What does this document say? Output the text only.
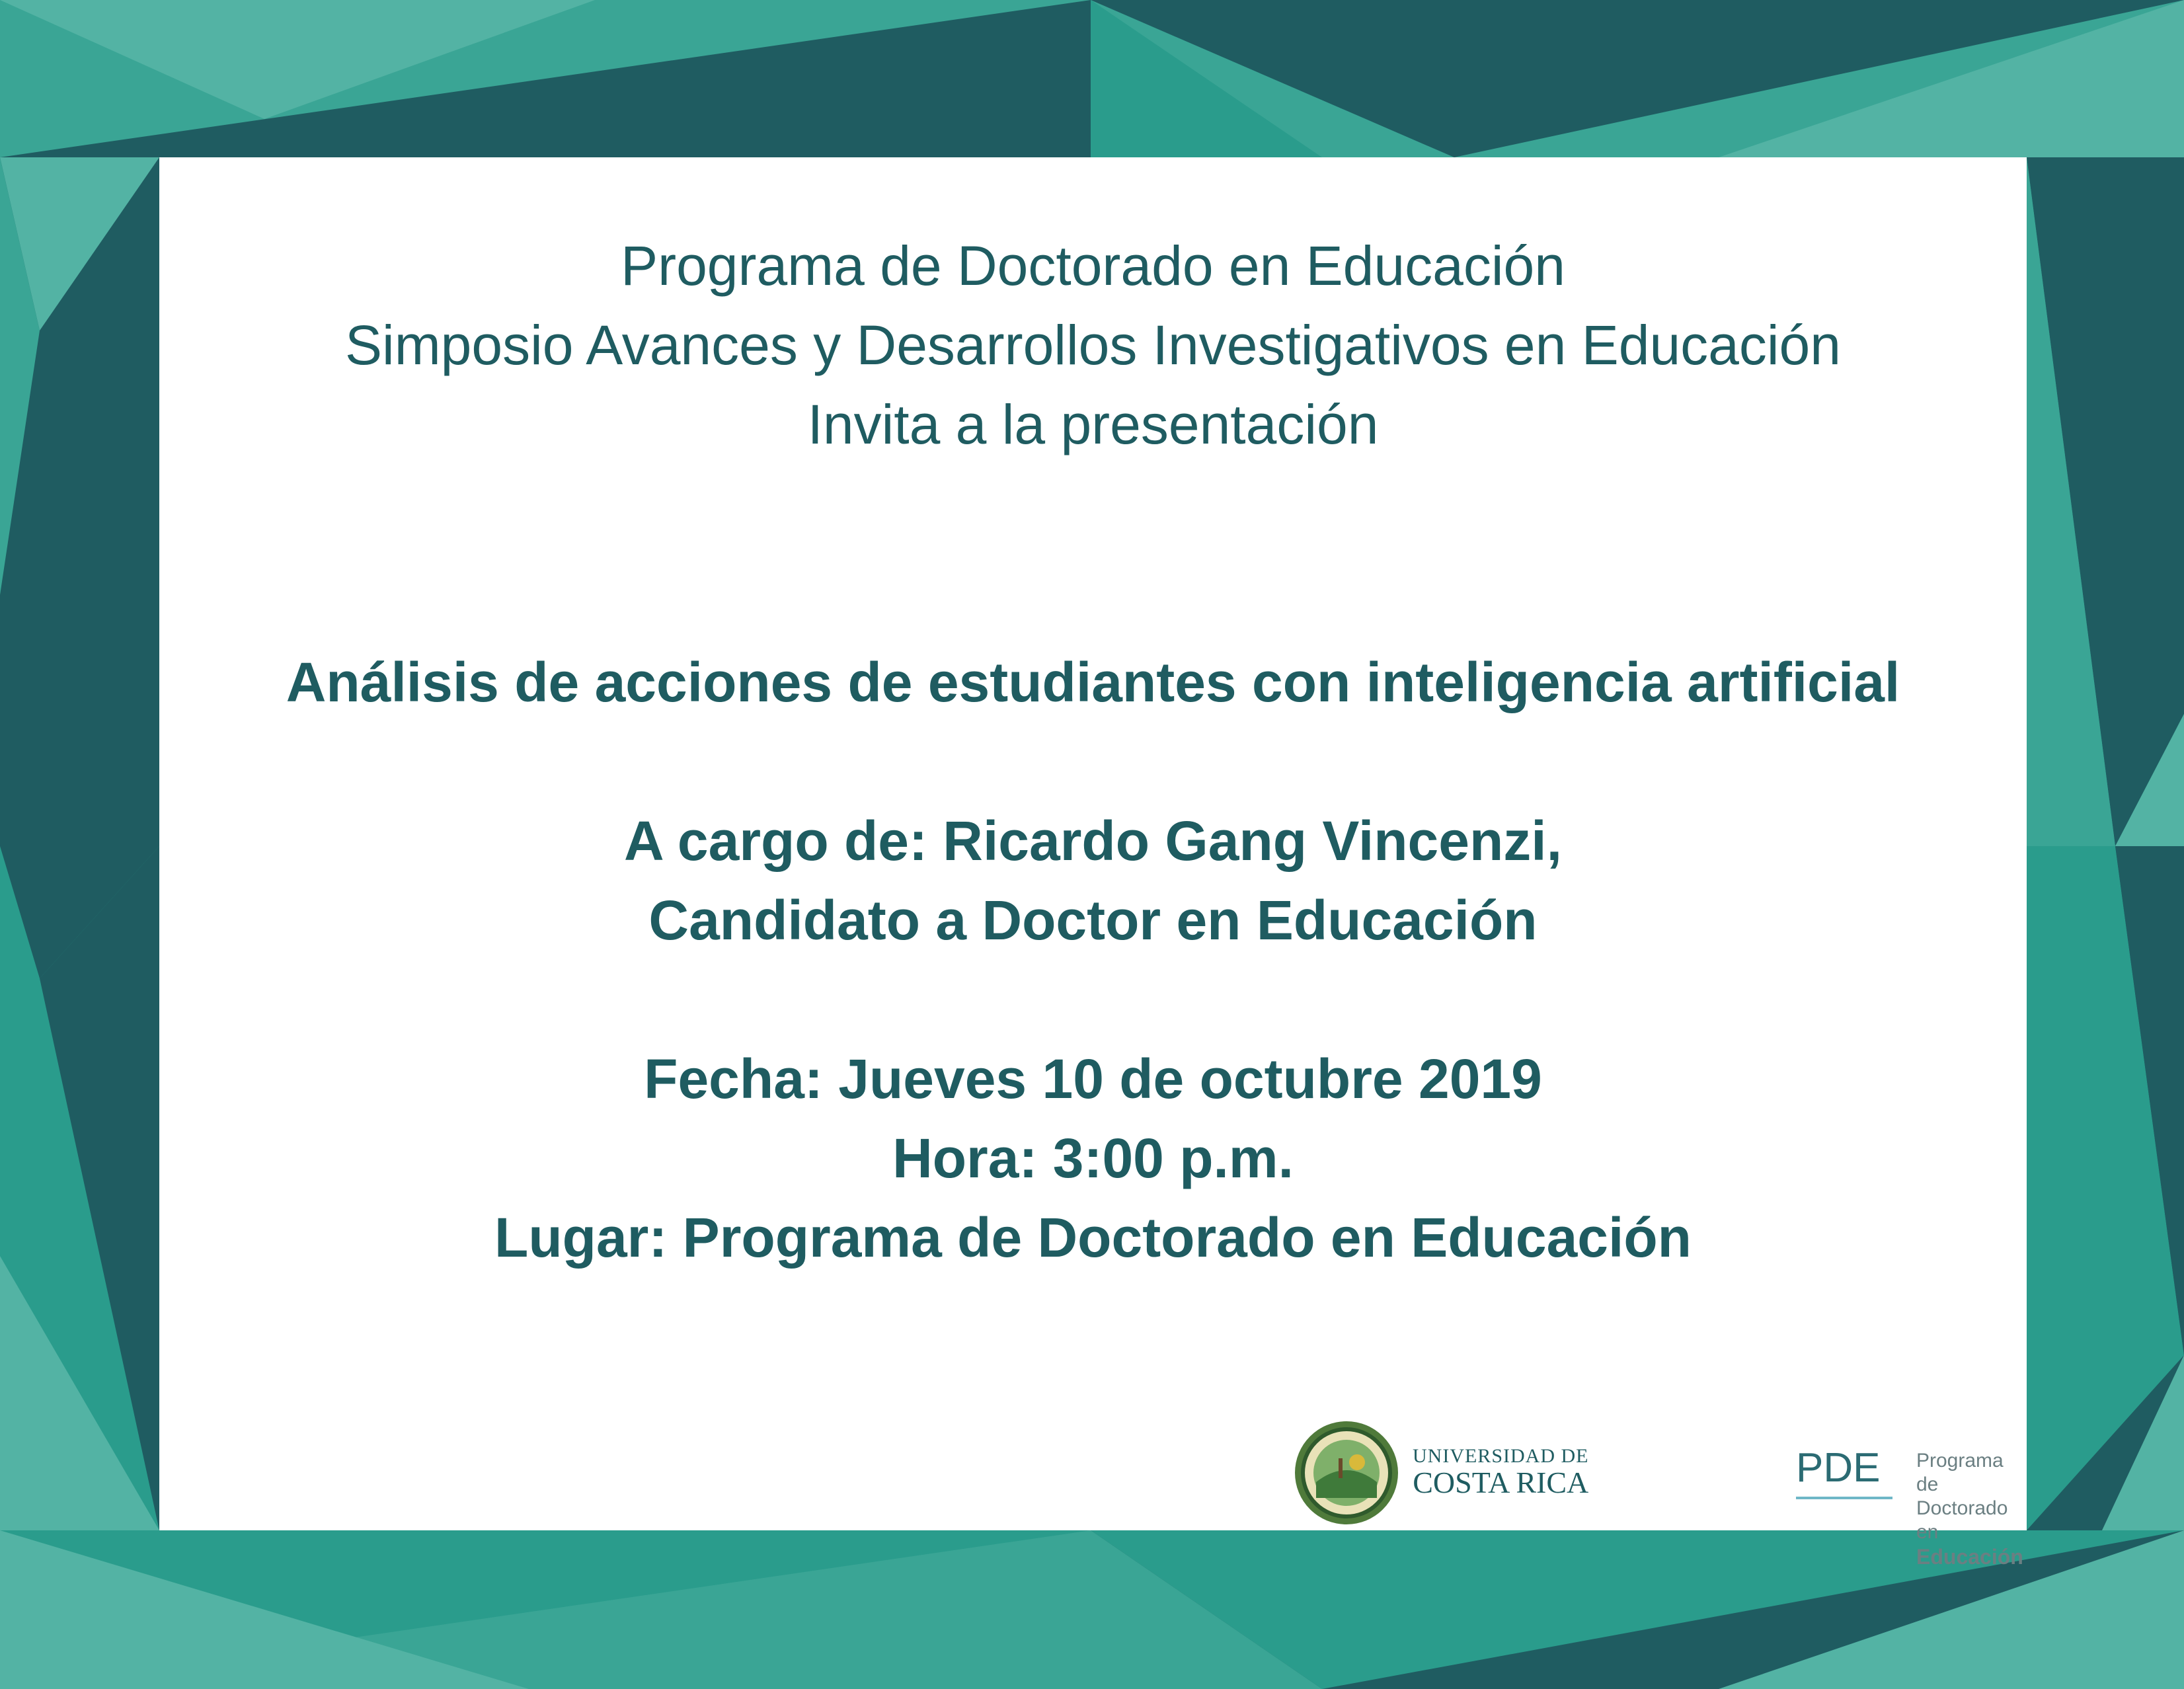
Programa de Doctorado en Educación
Simposio Avances y Desarrollos Investigativos en Educación
Invita a la presentación
Análisis de acciones de estudiantes con inteligencia artificial
A cargo de: Ricardo Gang Vincenzi,
Candidato a Doctor en Educación
Fecha: Jueves 10 de octubre 2019
Hora: 3:00 p.m.
Lugar: Programa de Doctorado en Educación
UNIVERSIDAD DE
COSTA RICA	PDE Programa de Doctorado en
Educación
